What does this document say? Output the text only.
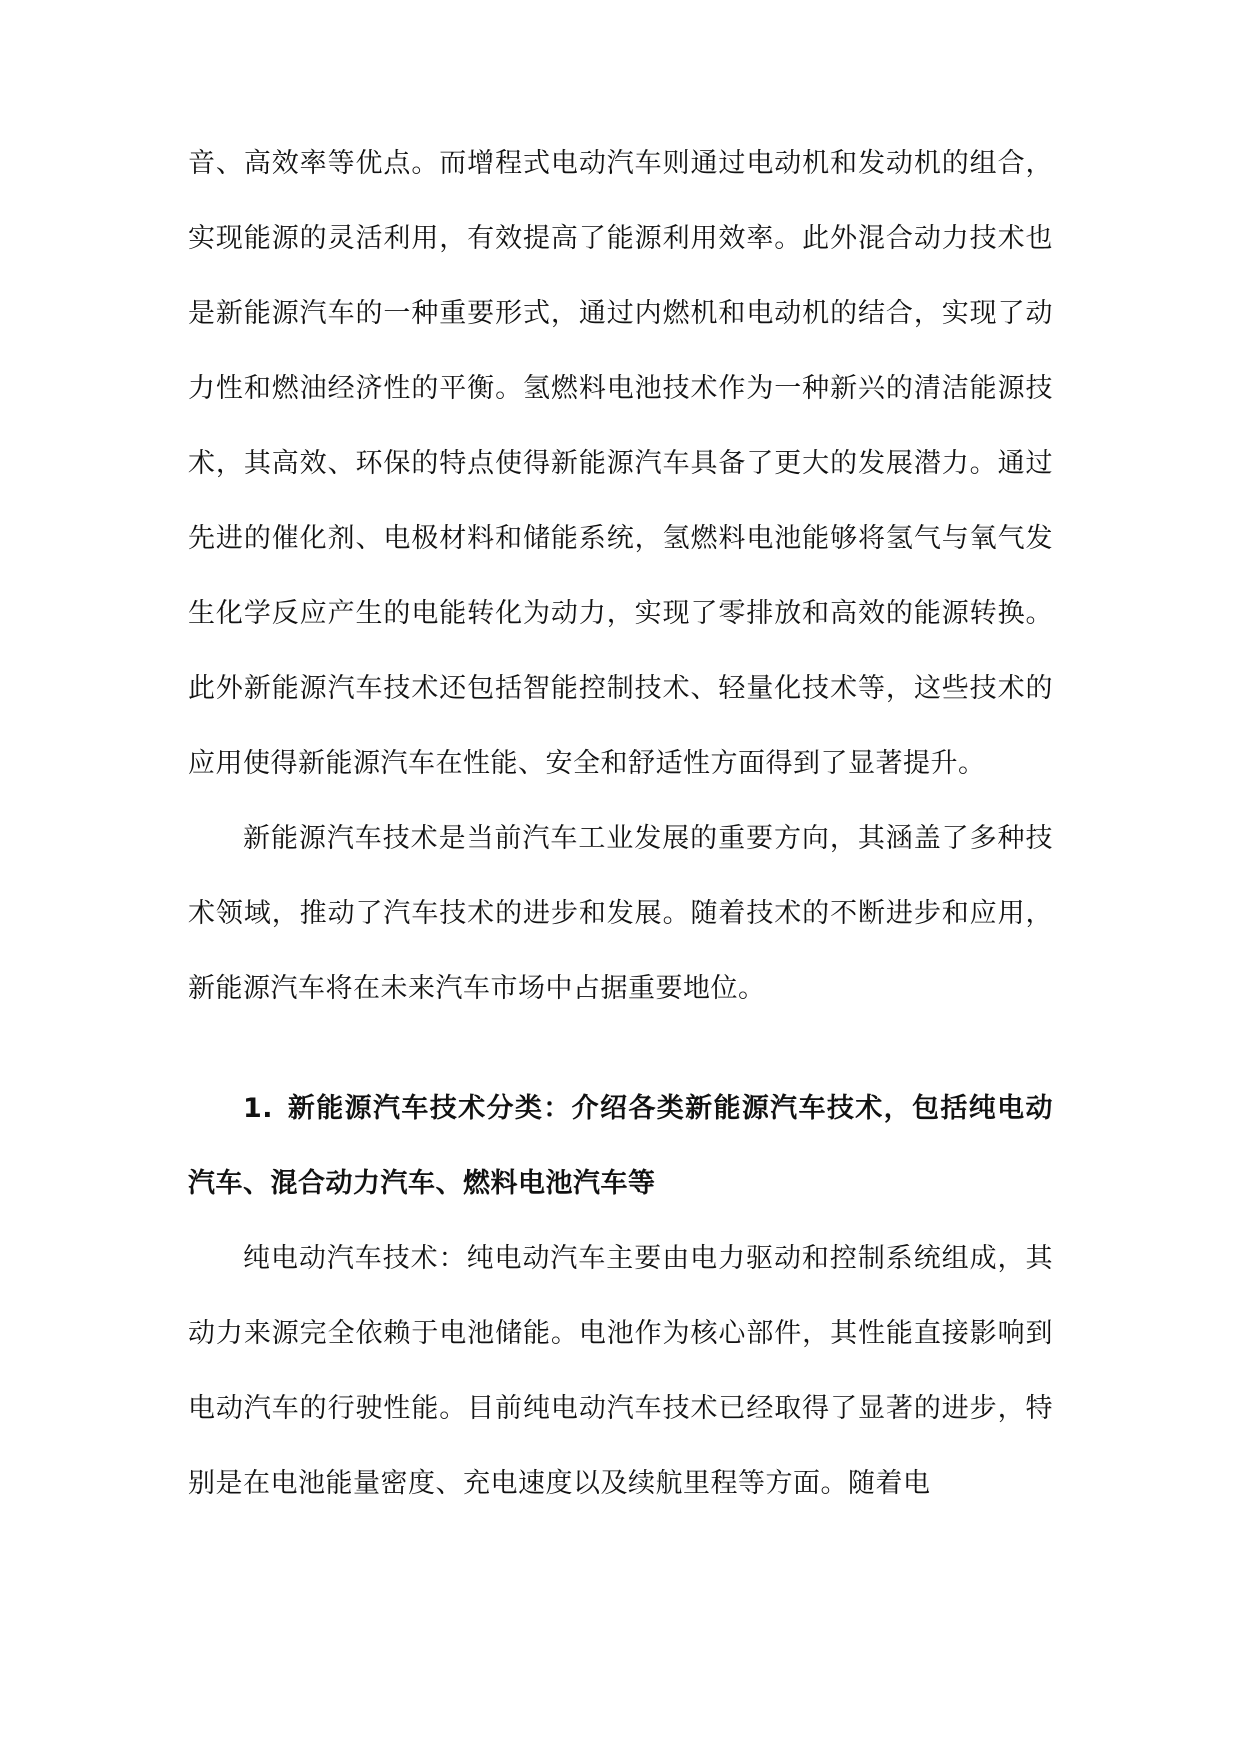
音、高效率等优点。而增程式电动汽车则通过电动机和发动机的组合，实现能源的灵活利用，有效提高了能源利用效率。此外混合动力技术也是新能源汽车的一种重要形式，通过内燃机和电动机的结合，实现了动力性和燃油经济性的平衡。氢燃料电池技术作为一种新兴的清洁能源技术，其高效、环保的特点使得新能源汽车具备了更大的发展潜力。通过先进的催化剂、电极材料和储能系统，氢燃料电池能够将氢气与氧气发生化学反应产生的电能转化为动力，实现了零排放和高效的能源转换。此外新能源汽车技术还包括智能控制技术、轻量化技术等，这些技术的应用使得新能源汽车在性能、安全和舒适性方面得到了显著提升。

新能源汽车技术是当前汽车工业发展的重要方向，其涵盖了多种技术领域，推动了汽车技术的进步和发展。随着技术的不断进步和应用，新能源汽车将在未来汽车市场中占据重要地位。

1. 新能源汽车技术分类：介绍各类新能源汽车技术，包括纯电动汽车、混合动力汽车、燃料电池汽车等

纯电动汽车技术：纯电动汽车主要由电力驱动和控制系统组成，其动力来源完全依赖于电池储能。电池作为核心部件，其性能直接影响到电动汽车的行驶性能。目前纯电动汽车技术已经取得了显著的进步，特别是在电池能量密度、充电速度以及续航里程等方面。随着电
